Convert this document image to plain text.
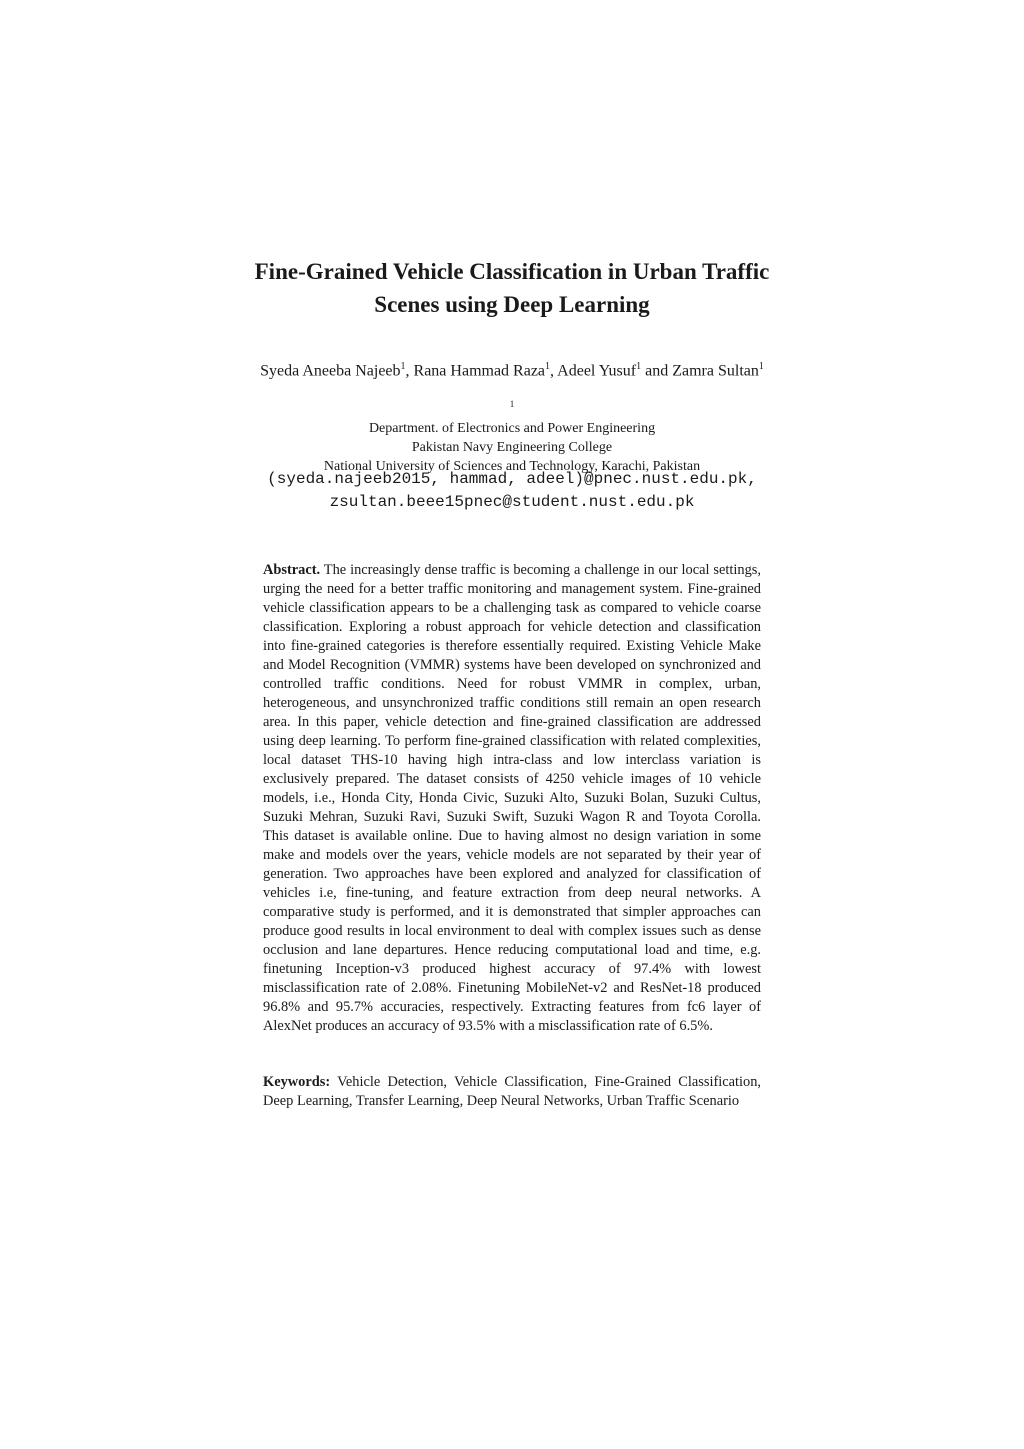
Fine-Grained Vehicle Classification in Urban Traffic
Scenes using Deep Learning

Syeda Aneeba Najeeb$^1$, Rana Hammad Raza$^1$, Adeel Yusuf$^1$ and Zamra Sultan$^1$

$^1$
Department. of Electronics and Power Engineering
Pakistan Navy Engineering College
National University of Sciences and Technology, Karachi, Pakistan
(syeda.najeeb2015, hammad, adeel)@pnec.nust.edu.pk,
zsultan.beee15pnec@student.nust.edu.pk

Abstract. The increasingly dense traffic is becoming a challenge in our local settings, urging the need for a better traffic monitoring and management system. Fine-grained vehicle classification appears to be a challenging task as compared to vehicle coarse classification. Exploring a robust approach for vehicle detection and classification into fine-grained categories is therefore essentially required. Existing Vehicle Make and Model Recognition (VMMR) systems have been developed on synchronized and controlled traffic conditions. Need for robust VMMR in complex, urban, heterogeneous, and unsynchronized traffic conditions still remain an open research area. In this paper, vehicle detection and fine-grained classification are addressed using deep learning. To perform fine-grained classification with related complexities, local dataset THS-10 having high intra-class and low interclass variation is exclusively prepared. The dataset consists of 4250 vehicle images of 10 vehicle models, i.e., Honda City, Honda Civic, Suzuki Alto, Suzuki Bolan, Suzuki Cultus, Suzuki Mehran, Suzuki Ravi, Suzuki Swift, Suzuki Wagon R and Toyota Corolla. This dataset is available online. Due to having almost no design variation in some make and models over the years, vehicle models are not separated by their year of generation. Two approaches have been explored and analyzed for classification of vehicles i.e, fine-tuning, and feature extraction from deep neural networks. A comparative study is performed, and it is demonstrated that simpler approaches can produce good results in local environment to deal with complex issues such as dense occlusion and lane departures. Hence reducing computational load and time, e.g. finetuning Inception-v3 produced highest accuracy of 97.4% with lowest misclassification rate of 2.08%. Finetuning MobileNet-v2 and ResNet-18 produced 96.8% and 95.7% accuracies, respectively. Extracting features from fc6 layer of AlexNet produces an accuracy of 93.5% with a misclassification rate of 6.5%.

Keywords: Vehicle Detection, Vehicle Classification, Fine-Grained Classification, Deep Learning, Transfer Learning, Deep Neural Networks, Urban Traffic Scenario
